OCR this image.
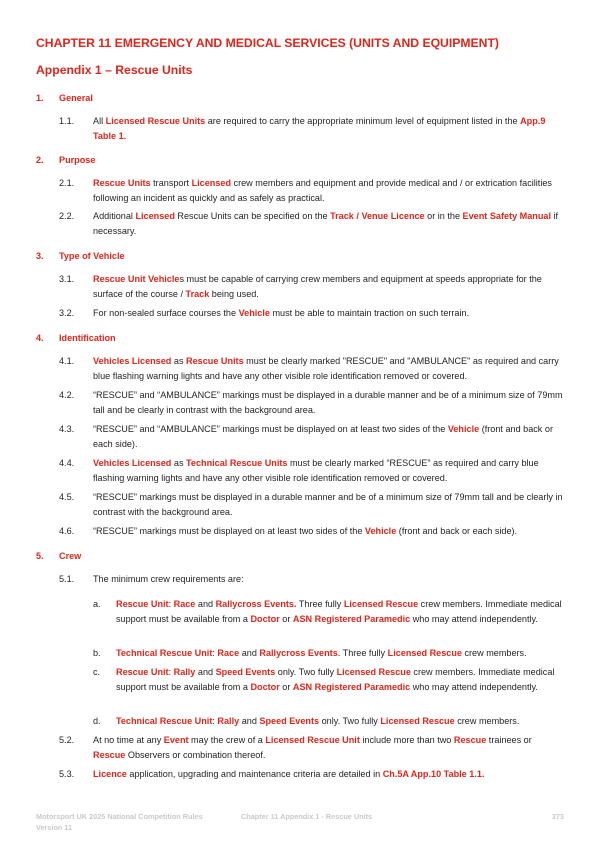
CHAPTER 11 EMERGENCY AND MEDICAL SERVICES (UNITS AND EQUIPMENT)
Appendix 1 – Rescue Units
1. General
1.1.	All Licensed Rescue Units are required to carry the appropriate minimum level of equipment listed in the App.9 Table 1.
2. Purpose
2.1.	Rescue Units transport Licensed crew members and equipment and provide medical and / or extrication facilities following an incident as quickly and as safely as practical.
2.2.	Additional Licensed Rescue Units can be specified on the Track / Venue Licence or in the Event Safety Manual if necessary.
3. Type of Vehicle
3.1.	Rescue Unit Vehicles must be capable of carrying crew members and equipment at speeds appropriate for the surface of the course / Track being used.
3.2.	For non-sealed surface courses the Vehicle must be able to maintain traction on such terrain.
4. Identification
4.1.	Vehicles Licensed as Rescue Units must be clearly marked "RESCUE" and "AMBULANCE" as required and carry blue flashing warning lights and have any other visible role identification removed or covered.
4.2.	“RESCUE” and “AMBULANCE” markings must be displayed in a durable manner and be of a minimum size of 79mm tall and be clearly in contrast with the background area.
4.3.	“RESCUE” and “AMBULANCE” markings must be displayed on at least two sides of the Vehicle (front and back or each side).
4.4.	Vehicles Licensed as Technical Rescue Units must be clearly marked “RESCUE” as required and carry blue flashing warning lights and have any other visible role identification removed or covered.
4.5.	“RESCUE” markings must be displayed in a durable manner and be of a minimum size of 79mm tall and be clearly in contrast with the background area.
4.6.	“RESCUE” markings must be displayed on at least two sides of the Vehicle (front and back or each side).
5. Crew
5.1.	The minimum crew requirements are:
a.	Rescue Unit: Race and Rallycross Events. Three fully Licensed Rescue crew members. Immediate medical support must be available from a Doctor or ASN Registered Paramedic who may attend independently.
b.	Technical Rescue Unit: Race and Rallycross Events. Three fully Licensed Rescue crew members.
c.	Rescue Unit: Rally and Speed Events only. Two fully Licensed Rescue crew members. Immediate medical support must be available from a Doctor or ASN Registered Paramedic who may attend independently.
d.	Technical Rescue Unit: Rally and Speed Events only. Two fully Licensed Rescue crew members.
5.2.	At no time at any Event may the crew of a Licensed Rescue Unit include more than two Rescue trainees or Rescue Observers or combination thereof.
5.3.	Licence application, upgrading and maintenance criteria are detailed in Ch.5A App.10 Table 1.1.
Motorsport UK 2025 National Competition Rules
Version 11
Chapter 11 Appendix 1 - Rescue Units	373
